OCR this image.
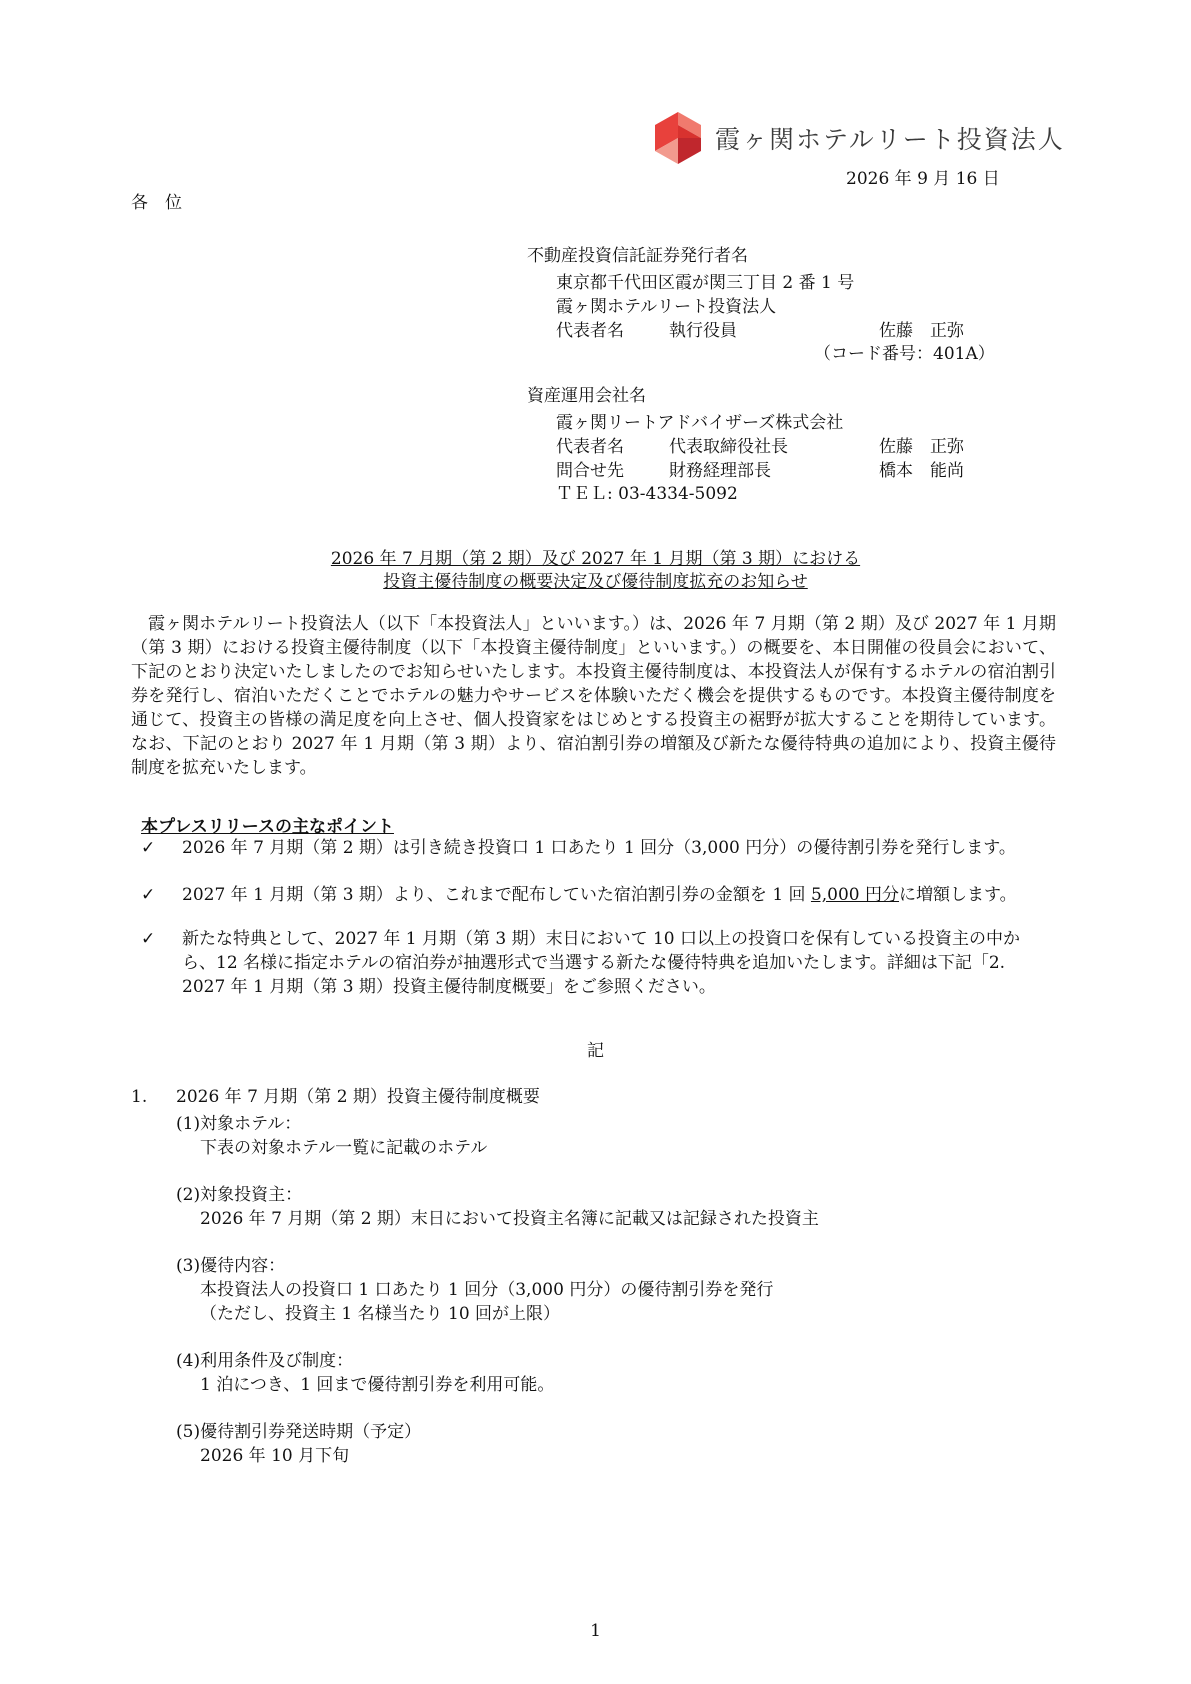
霞ヶ関ホテルリート投資法人
2026 年 9 月 16 日
各　位
不動産投資信託証券発行者名
東京都千代田区霞が関三丁目 2 番 1 号
霞ヶ関ホテルリート投資法人
代表者名	執行役員	佐藤　正弥
（コード番号：401A）
資産運用会社名
霞ヶ関リートアドバイザーズ株式会社
代表者名	代表取締役社長	佐藤　正弥
問合せ先	財務経理部長	橋本　能尚
ＴＥＬ: 03-4334-5092
2026 年 7 月期（第 2 期）及び 2027 年 1 月期（第 3 期）における
投資主優待制度の概要決定及び優待制度拡充のお知らせ
霞ヶ関ホテルリート投資法人（以下「本投資法人」といいます。）は、2026 年 7 月期（第 2 期）及び 2027 年 1 月期（第 3 期）における投資主優待制度（以下「本投資主優待制度」といいます。）の概要を、本日開催の役員会において、下記のとおり決定いたしましたのでお知らせいたします。本投資主優待制度は、本投資法人が保有するホテルの宿泊割引券を発行し、宿泊いただくことでホテルの魅力やサービスを体験いただく機会を提供するものです。本投資主優待制度を通じて、投資主の皆様の満足度を向上させ、個人投資家をはじめとする投資主の裾野が拡大することを期待しています。なお、下記のとおり 2027 年 1 月期（第 3 期）より、宿泊割引券の増額及び新たな優待特典の追加により、投資主優待制度を拡充いたします。
本プレスリリースの主なポイント
✓ 2026 年 7 月期（第 2 期）は引き続き投資口 1 口あたり 1 回分（3,000 円分）の優待割引券を発行します。
✓ 2027 年 1 月期（第 3 期）より、これまで配布していた宿泊割引券の金額を 1 回 5,000 円分に増額します。
✓ 新たな特典として、2027 年 1 月期（第 3 期）末日において 10 口以上の投資口を保有している投資主の中から、12 名様に指定ホテルの宿泊券が抽選形式で当選する新たな優待特典を追加いたします。詳細は下記「2. 2027 年 1 月期（第 3 期）投資主優待制度概要」をご参照ください。
記
1. 2026 年 7 月期（第 2 期）投資主優待制度概要
(1)対象ホテル：
下表の対象ホテル一覧に記載のホテル
(2)対象投資主：
2026 年 7 月期（第 2 期）末日において投資主名簿に記載又は記録された投資主
(3)優待内容：
本投資法人の投資口 1 口あたり 1 回分（3,000 円分）の優待割引券を発行
（ただし、投資主 1 名様当たり 10 回が上限）
(4)利用条件及び制度：
1 泊につき、1 回まで優待割引券を利用可能。
(5)優待割引券発送時期（予定）
2026 年 10 月下旬
1
